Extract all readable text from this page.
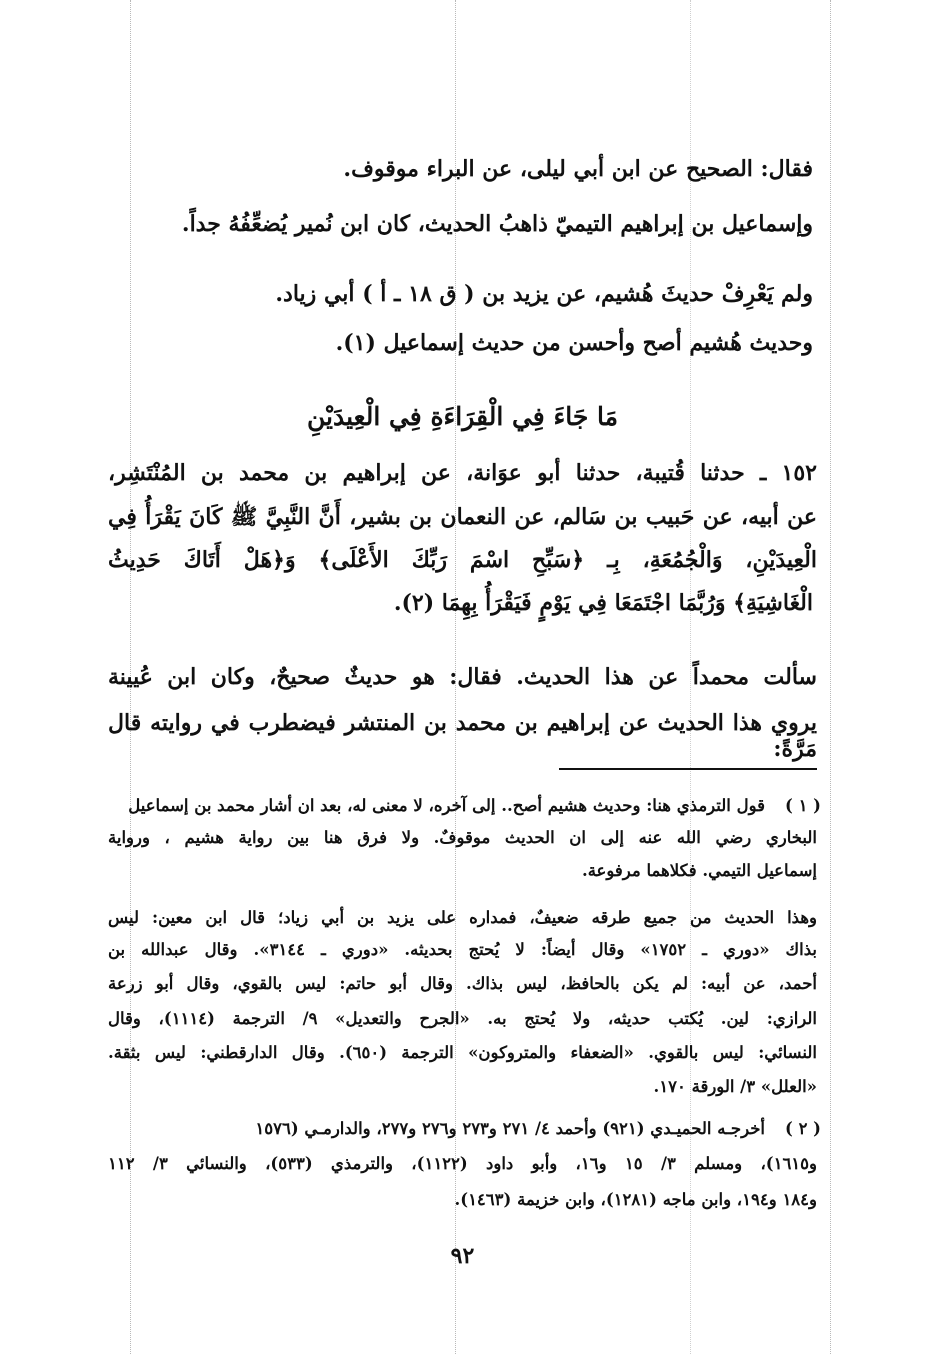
فقال: الصحيح عن ابن أبي ليلى، عن البراء موقوف.
وإسماعيل بن إبراهيم التيميّ ذاهبُ الحديث، كان ابن نُمير يُضعِّفُهُ جداً.
ولم يَعْرِفْ حديثَ هُشيم، عن يزيد بن ( ق ١٨ ـ أ ) أبي زياد.
وحديث هُشيم أصح وأحسن من حديث إسماعيل (١).
مَا جَاءَ فِي الْقِرَاءَةِ فِي الْعِيدَيْنِ
١٥٢ ـ حدثنا قُتيبة، حدثنا أبو عوَانة، عن إبراهيم بن محمد بن المُنْتَشِر،
عن أبيه، عن حَبيب بن سَالم، عن النعمان بن بشير، أَنَّ النَّبِيَّ ﷺ كَانَ يَقْرَأُ فِي
الْعِيدَيْنِ، وَالْجُمُعَةِ، بِـ ﴿سَبِّحِ اسْمَ رَبِّكَ الأَعْلَى﴾ وَ﴿هَلْ أَتَاكَ حَدِيثُ
الْغَاشِيَةِ﴾ وَرُبَّمَا اجْتَمَعَا فِي يَوْمٍ فَيَقْرَأُ بِهِمَا (٢).
سألت محمداً عن هذا الحديث. فقال: هو حديثٌ صحيحٌ، وكان ابن عُيينة
يروي هذا الحديث عن إبراهيم بن محمد بن المنتشر فيضطرب في روايته قال مَرَّةً:
( ١ )
قول الترمذي هنا: وحديث هشيم أصح.. إلى آخره، لا معنى له، بعد ان أشار محمد بن إسماعيل
البخاري رضي الله عنه إلى ان الحديث موقوفٌ. ولا فرق هنا بين رواية هشيم ، ورواية
إسماعيل التيمي. فكلاهما مرفوعة.
وهذا الحديث من جميع طرقه ضعيفٌ، فمداره على يزيد بن أبي زياد؛ قال ابن معين: ليس
بذاك «دوري ـ ١٧٥٢» وقال أيضاً: لا يُحتج بحديثه. «دوري ـ ٣١٤٤». وقال عبدالله بن
أحمد، عن أبيه: لم يكن بالحافظ، ليس بذاك. وقال أبو حاتم: ليس بالقوي، وقال أبو زرعة
الرازي: لين. يُكتب حديثه، ولا يُحتج به. «الجرح والتعديل» ٩/ الترجمة (١١١٤)، وقال
النسائي: ليس بالقوي. «الضعفاء والمتروكون» الترجمة (٦٥٠). وقال الدارقطني: ليس بثقة.
«العلل» ٣/ الورقة ١٧٠.
( ٢ )
أخرجـه الحميـدي (٩٢١) وأحمد ٤/ ٢٧١ و٢٧٣ و٢٧٦ و٢٧٧، والدارمـي (١٥٧٦
و١٦١٥)، ومسلم ٣/ ١٥ و١٦، وأبو داود (١١٢٢)، والترمذي (٥٣٣)، والنسائي ٣/ ١١٢
و١٨٤ و١٩٤، وابن ماجه (١٢٨١)، وابن خزيمة (١٤٦٣).
٩٢
